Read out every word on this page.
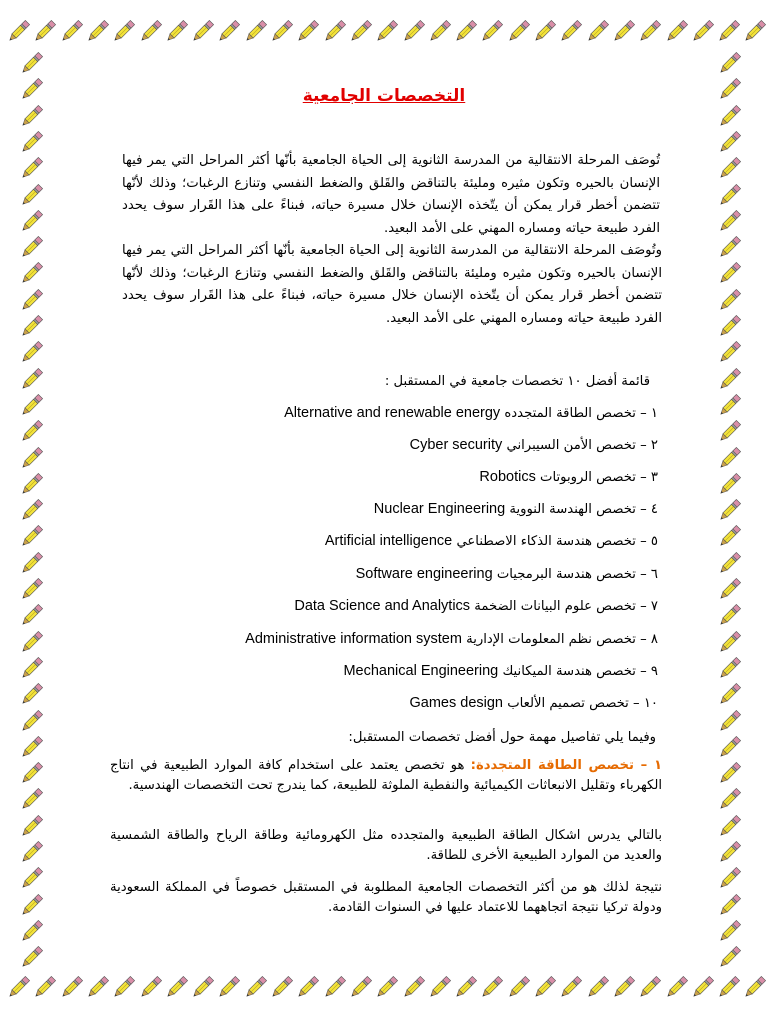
التخصصات الجامعية
تُوصَف المرحلة الانتقالية من المدرسة الثانوية إلى الحياة الجامعية بأنّها أكثر المراحل التي يمر فيها الإنسان بالحيره وتكون مثيره ومليئة بالتناقض والقَلق والضغط النفسي وتنازع الرغبات؛ وذلك لأنّها تتضمن أخطر قرار يمكن أن يتّخذه الإنسان خلال مسيرة حياته، فبناءً على هذا القَرار سوف يحدد الفرد طبيعة حياته ومساره المهني على الأمد البعيد.
وتُوصَف المرحلة الانتقالية من المدرسة الثانوية إلى الحياة الجامعية بأنّها أكثر المراحل التي يمر فيها الإنسان بالحيره وتكون مثيره ومليئة بالتناقض والقَلق والضغط النفسي وتنازع الرغبات؛ وذلك لأنّها تتضمن أخطر قرار يمكن أن يتّخذه الإنسان خلال مسيرة حياته، فبناءً على هذا القَرار سوف يحدد الفرد طبيعة حياته ومساره المهني على الأمد البعيد.
قائمة أفضل ١٠ تخصصات جامعية في المستقبل :
١ – تخصص الطاقة المتجدده Alternative and renewable energy
٢ – تخصص الأمن السيبراني Cyber security
٣ – تخصص الروبوتات Robotics
٤ – تخصص الهندسة النووية Nuclear Engineering
٥ – تخصص هندسة الذكاء الاصطناعي Artificial intelligence
٦ – تخصص هندسة البرمجيات Software engineering
٧ – تخصص علوم البيانات الضخمة Data Science and Analytics
٨ – تخصص نظم المعلومات الإدارية Administrative information system
٩ – تخصص هندسة الميكانيك Mechanical Engineering
١٠ – تخصص تصميم الألعاب Games design
وفيما يلي تفاصيل مهمة حول أفضل تخصصات المستقبل:
١ – تخصص الطاقة المتجددة: هو تخصص يعتمد على استخدام كافة الموارد الطبيعية في انتاج الكهرباء وتقليل الانبعاثات الكيميائية والنفطية الملوثة للطبيعة، كما يندرج تحت التخصصات الهندسية.
بالتالي يدرس اشكال الطاقة الطبيعية والمتجدده مثل الكهرومائية وطاقة الرياح والطاقة الشمسية والعديد من الموارد الطبيعية الأخرى للطاقة.
نتيجة لذلك هو من أكثر التخصصات الجامعية المطلوبة في المستقبل خصوصاً في المملكة السعودية ودولة تركيا نتيجة اتجاههما للاعتماد عليها في السنوات القادمة.
